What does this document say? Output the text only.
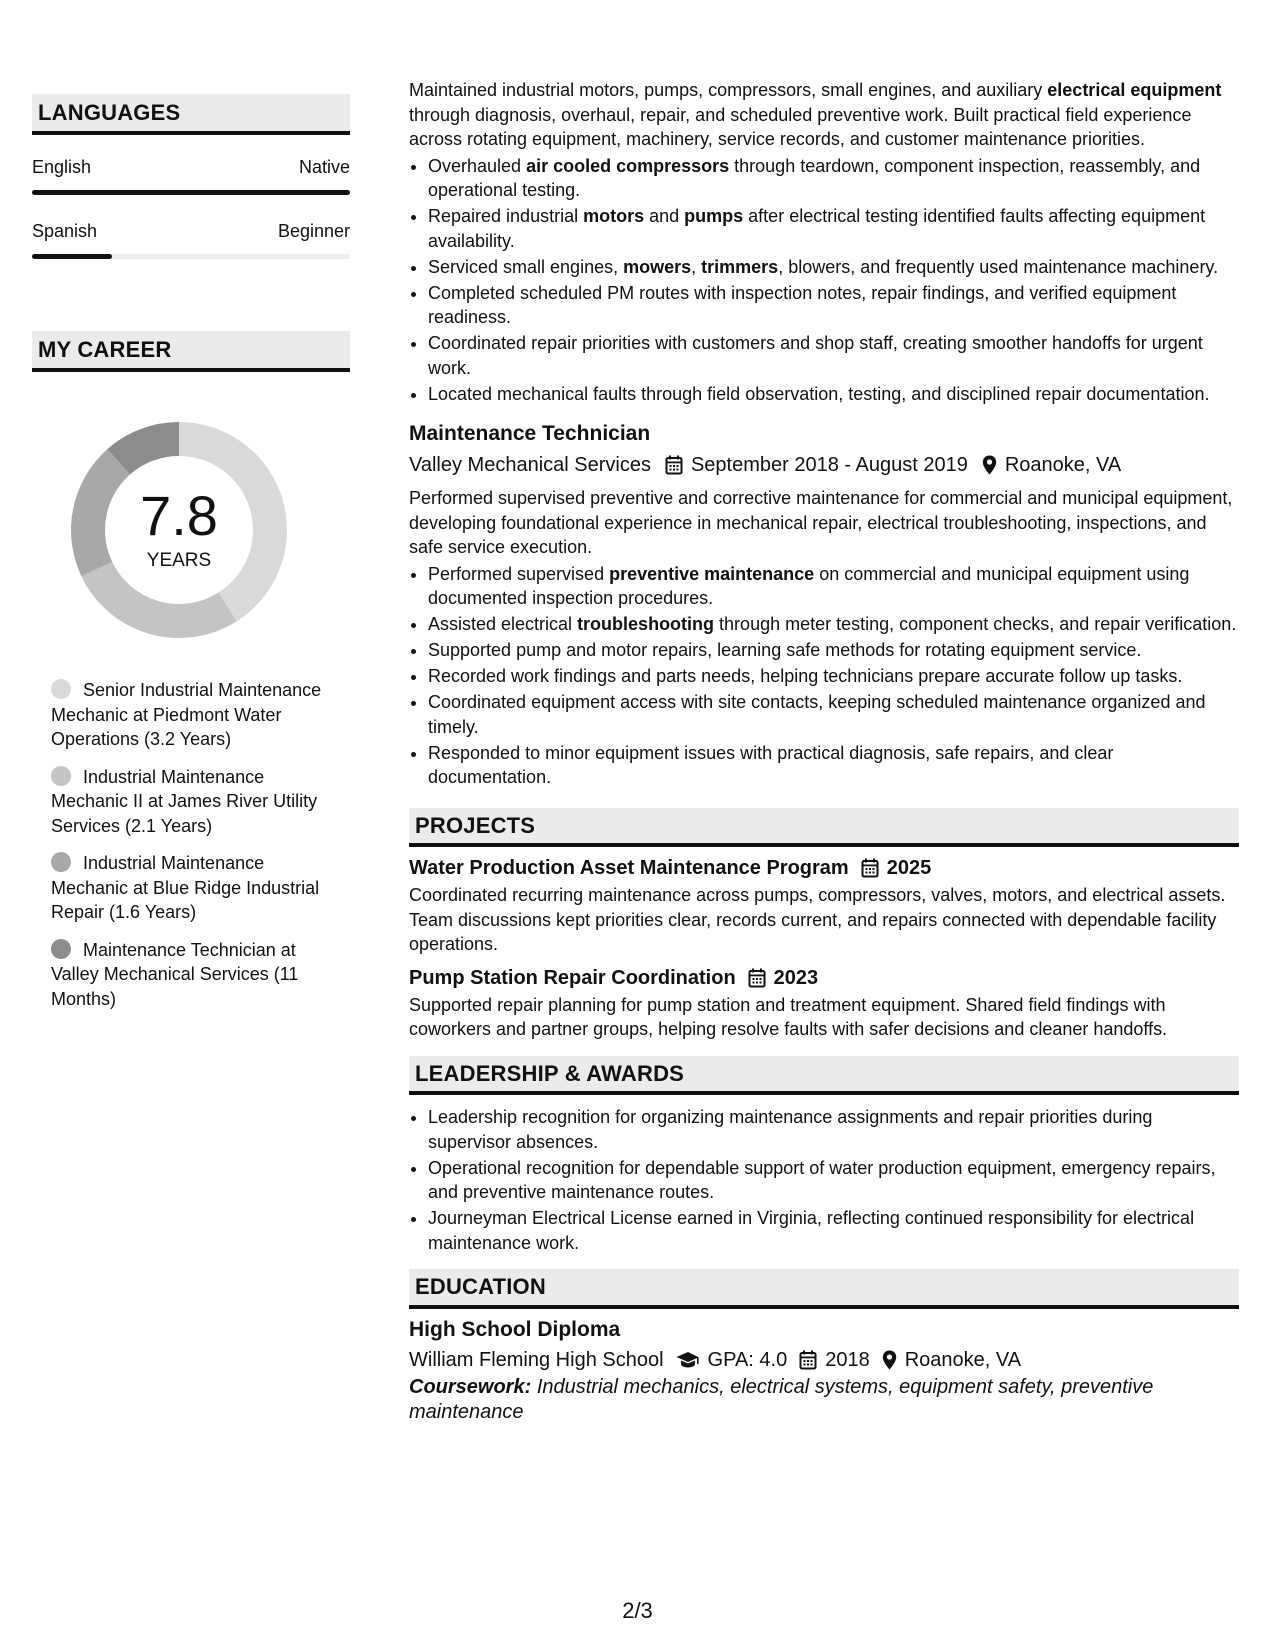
LANGUAGES
English	Native
Spanish	Beginner
MY CAREER
7.8
YEARS
Senior Industrial Maintenance Mechanic at Piedmont Water Operations (3.2 Years)
Industrial Maintenance Mechanic II at James River Utility Services (2.1 Years)
Industrial Maintenance Mechanic at Blue Ridge Industrial Repair (1.6 Years)
Maintenance Technician at Valley Mechanical Services (11 Months)

Maintained industrial motors, pumps, compressors, small engines, and auxiliary electrical equipment through diagnosis, overhaul, repair, and scheduled preventive work. Built practical field experience across rotating equipment, machinery, service records, and customer maintenance priorities.

• Overhauled air cooled compressors through teardown, component inspection, reassembly, and operational testing.
• Repaired industrial motors and pumps after electrical testing identified faults affecting equipment availability.
• Serviced small engines, mowers, trimmers, blowers, and frequently used maintenance machinery.
• Completed scheduled PM routes with inspection notes, repair findings, and verified equipment readiness.
• Coordinated repair priorities with customers and shop staff, creating smoother handoffs for urgent work.
• Located mechanical faults through field observation, testing, and disciplined repair documentation.
Maintenance Technician
Valley Mechanical Services September 2018 - August 2019 Roanoke, VA

Performed supervised preventive and corrective maintenance for commercial and municipal equipment, developing foundational experience in mechanical repair, electrical troubleshooting, inspections, and safe service execution.

• Performed supervised preventive maintenance on commercial and municipal equipment using documented inspection procedures.
• Assisted electrical troubleshooting through meter testing, component checks, and repair verification.
• Supported pump and motor repairs, learning safe methods for rotating equipment service.
• Recorded work findings and parts needs, helping technicians prepare accurate follow up tasks.
• Coordinated equipment access with site contacts, keeping scheduled maintenance organized and timely.
• Responded to minor equipment issues with practical diagnosis, safe repairs, and clear documentation.
PROJECTS
Water Production Asset Maintenance Program 2025

Coordinated recurring maintenance across pumps, compressors, valves, motors, and electrical assets. Team discussions kept priorities clear, records current, and repairs connected with dependable facility operations.

Pump Station Repair Coordination 2023

Supported repair planning for pump station and treatment equipment. Shared field findings with coworkers and partner groups, helping resolve faults with safer decisions and cleaner handoffs.

LEADERSHIP & AWARDS
• Leadership recognition for organizing maintenance assignments and repair priorities during supervisor absences.
• Operational recognition for dependable support of water production equipment, emergency repairs, and preventive maintenance routes.
• Journeyman Electrical License earned in Virginia, reflecting continued responsibility for electrical maintenance work.
EDUCATION
High School Diploma
William Fleming High School GPA: 4.0 2018 Roanoke, VA

Coursework: Industrial mechanics, electrical systems, equipment safety, preventive maintenance

2/3
